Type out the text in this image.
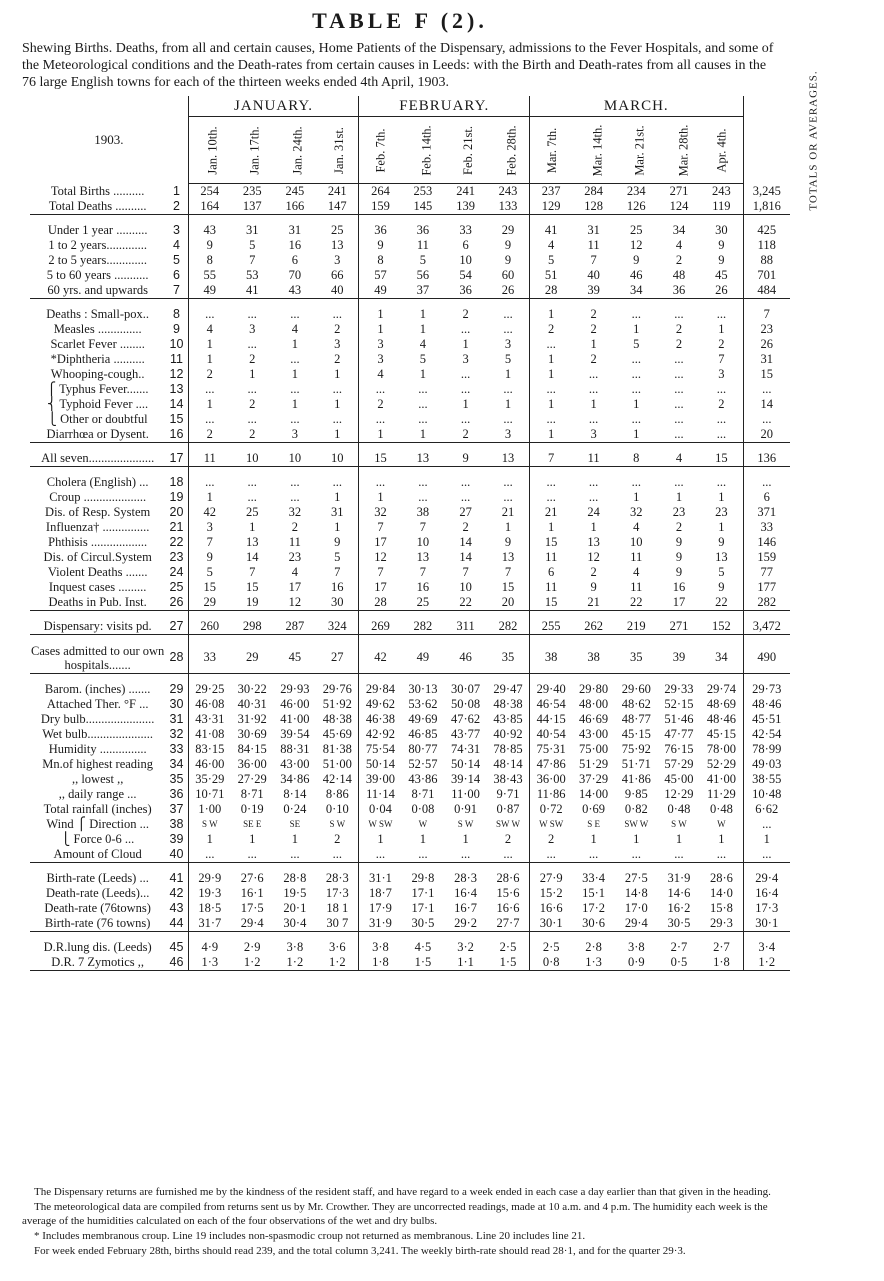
TABLE F (2).
Shewing Births. Deaths, from all and certain causes, Home Patients of the Dispensary, admissions to the Fever Hospitals, and some of the Meteorological conditions and the Death-rates from certain causes in Leeds: with the Birth and Death-rates from all causes in the 76 large English towns for each of the thirteen weeks ended 4th April, 1903.
1903.		JANUARY.				FEBRUARY.				MARCH.					TOTALS OR AVERAGES.
		Jan. 10th.	Jan. 17th.	Jan. 24th.	Jan. 31st.	Feb. 7th.	Feb. 14th.	Feb. 21st.	Feb. 28th.	Mar. 7th.	Mar. 14th.	Mar. 21st.	Mar. 28th.	Apr. 4th.	
Total Births ..........	1	254	235	245	241	264	253	241	243	237	284	234	271	243	3,245
Total Deaths ..........	2	164	137	166	147	159	145	139	133	129	128	126	124	119	1,816

Under 1 year ..........	3	43	31	31	25	36	36	33	29	41	31	25	34	30	425
1 to 2 years.............	4	9	5	16	13	9	11	6	9	4	11	12	4	9	118
2 to 5 years.............	5	8	7	6	3	8	5	10	9	5	7	9	2	9	88
5 to 60 years ...........	6	55	53	70	66	57	56	54	60	51	40	46	48	45	701
60 yrs. and upwards	7	49	41	43	40	49	37	36	26	28	39	34	36	26	484

Deaths : Small-pox..	8	...	...	...	...	1	1	2	...	1	2	...	...	...	7
Measles ..............	9	4	3	4	2	1	1	...	...	2	2	1	2	1	23
Scarlet Fever ........	10	1	...	1	3	3	4	1	3	...	1	5	2	2	26
*Diphtheria ..........	11	1	2	...	2	3	5	3	5	1	2	...	...	7	31
Whooping-cough..	12	2	1	1	1	4	1	...	1	1	...	...	...	3	15
⎧ Typhus Fever.......	13	...	...	...	...	...	...	...	...	...	...	...	...	...	...
⎨ Typhoid Fever ....	14	1	2	1	1	2	...	1	1	1	1	1	...	2	14
⎩ Other or doubtful	15	...	...	...	...	...	...	...	...	...	...	...	...	...	...
Diarrhœa or Dysent.	16	2	2	3	1	1	1	2	3	1	3	1	...	...	20

All seven.....................	17	11	10	10	10	15	13	9	13	7	11	8	4	15	136

Cholera (English) ...	18	...	...	...	...	...	...	...	...	...	...	...	...	...	...
Croup ....................	19	1	...	...	1	1	...	...	...	...	...	1	1	1	6
Dis. of Resp. System	20	42	25	32	31	32	38	27	21	21	24	32	23	23	371
Influenza† ...............	21	3	1	2	1	7	7	2	1	1	1	4	2	1	33
Phthisis ..................	22	7	13	11	9	17	10	14	9	15	13	10	9	9	146
Dis. of Circul.System	23	9	14	23	5	12	13	14	13	11	12	11	9	13	159
Violent Deaths .......	24	5	7	4	7	7	7	7	7	6	2	4	9	5	77
Inquest cases .........	25	15	15	17	16	17	16	10	15	11	9	11	16	9	177
Deaths in Pub. Inst.	26	29	19	12	30	28	25	22	20	15	21	22	17	22	282

Dispensary: visits pd.	27	260	298	287	324	269	282	311	282	255	262	219	271	152	3,472

Cases admitted to our own hospitals.......	28	33	29	45	27	42	49	46	35	38	38	35	39	34	490

Barom. (inches) .......	29	29·25	30·22	29·93	29·76	29·84	30·13	30·07	29·47	29·40	29·80	29·60	29·33	29·74	29·73
Attached Ther. °F ...	30	46·08	40·31	46·00	51·92	49·62	53·62	50·08	48·38	46·54	48·00	48·62	52·15	48·69	48·46
Dry bulb......................	31	43·31	31·92	41·00	48·38	46·38	49·69	47·62	43·85	44·15	46·69	48·77	51·46	48·46	45·51
Wet bulb.....................	32	41·08	30·69	39·54	45·69	42·92	46·85	43·77	40·92	40·54	43·00	45·15	47·77	45·15	42·54
Humidity ...............	33	83·15	84·15	88·31	81·38	75·54	80·77	74·31	78·85	75·31	75·00	75·92	76·15	78·00	78·99
Mn.of highest reading	34	46·00	36·00	43·00	51·00	50·14	52·57	50·14	48·14	47·86	51·29	51·71	57·29	52·29	49·03
,, lowest ,,	35	35·29	27·29	34·86	42·14	39·00	43·86	39·14	38·43	36·00	37·29	41·86	45·00	41·00	38·55
,, daily range ...	36	10·71	8·71	8·14	8·86	11·14	8·71	11·00	9·71	11·86	14·00	9·85	12·29	11·29	10·48
Total rainfall (inches)	37	1·00	0·19	0·24	0·10	0·04	0·08	0·91	0·87	0·72	0·69	0·82	0·48	0·48	6·62
Wind ⎧ Direction ...	38	S W	SE E	SE	S W	W SW	W	S W	SW W	W SW	S E	SW W	S W	W	...
⎩ Force 0-6 ...	39	1	1	1	2	1	1	1	2	2	1	1	1	1	1
Amount of Cloud	40	...	...	...	...	...	...	...	...	...	...	...	...	...	...

Birth-rate (Leeds) ...	41	29·9	27·6	28·8	28·3	31·1	29·8	28·3	28·6	27·9	33·4	27·5	31·9	28·6	29·4
Death-rate (Leeds)...	42	19·3	16·1	19·5	17·3	18·7	17·1	16·4	15·6	15·2	15·1	14·8	14·6	14·0	16·4
Death-rate (76towns)	43	18·5	17·5	20·1	18 1	17·9	17·1	16·7	16·6	16·6	17·2	17·0	16·2	15·8	17·3
Birth-rate (76 towns)	44	31·7	29·4	30·4	30 7	31·9	30·5	29·2	27·7	30·1	30·6	29·4	30·5	29·3	30·1

D.R.lung dis. (Leeds)	45	4·9	2·9	3·8	3·6	3·8	4·5	3·2	2·5	2·5	2·8	3·8	2·7	2·7	3·4
D.R. 7 Zymotics ,,	46	1·3	1·2	1·2	1·2	1·8	1·5	1·1	1·5	0·8	1·3	0·9	0·5	1·8	1·2

The Dispensary returns are furnished me by the kindness of the resident staff, and have regard to a week ended in each case a day earlier than that given in the heading.

The meteorological data are compiled from returns sent us by Mr. Crowther. They are uncorrected readings, made at 10 a.m. and 4 p.m. The humidity each week is the average of the humidities calculated on each of the four observations of the wet and dry bulbs.

* Includes membranous croup. Line 19 includes non-spasmodic croup not returned as membranous. Line 20 includes line 21.

For week ended February 28th, births should read 239, and the total column 3,241. The weekly birth-rate should read 28·1, and for the quarter 29·3.
